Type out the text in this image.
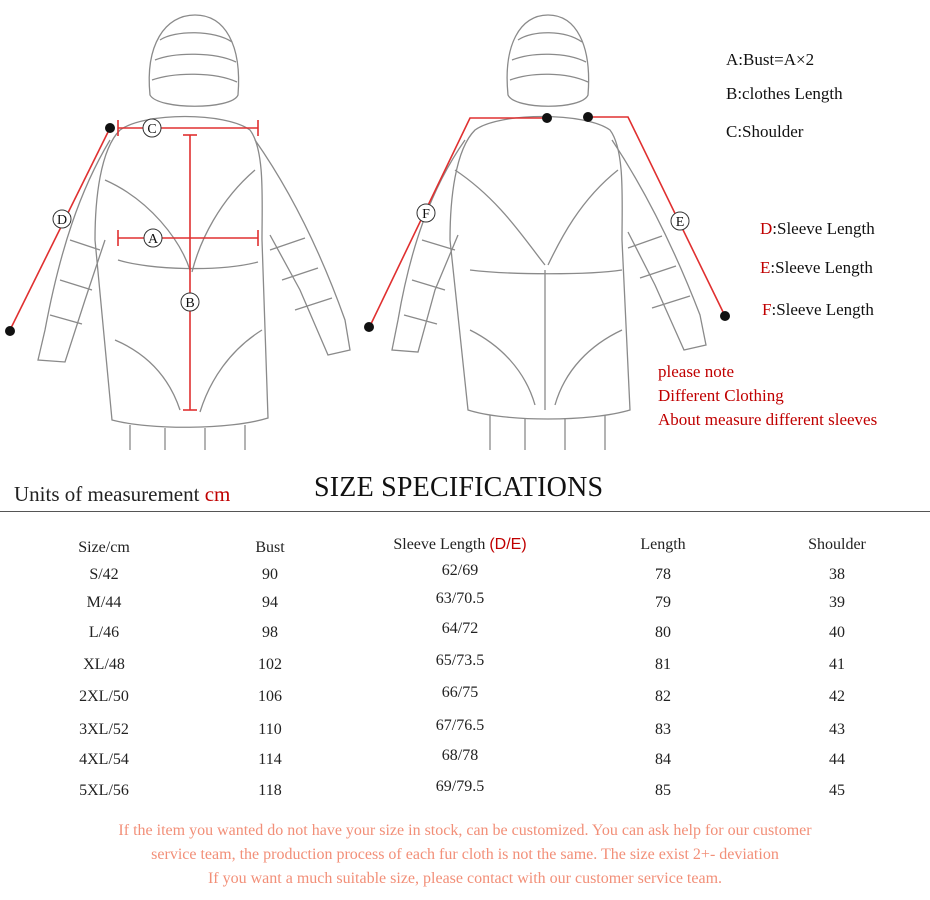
C
A
B
D	F
E
A:Bust=A×2
B:clothes Length
C:Shoulder
D:Sleeve Length
E:Sleeve Length
F:Sleeve Length
please note
Different Clothing
About measure different sleeves
Units of measurement cm	SIZE SPECIFICATIONS
Size/cm	Bust	Sleeve Length (D/E)	Length	Shoulder
S/42	90	62/69	78	38
M/44	94	63/70.5	79	39
L/46	98	64/72	80	40
XL/48	102	65/73.5	81	41
2XL/50	106	66/75	82	42
3XL/52	110	67/76.5	83	43
4XL/54	114	68/78	84	44
5XL/56	118	69/79.5	85	45
If the item you wanted do not have your size in stock, can be customized. You can ask help for our customer
service team, the production process of each fur cloth is not the same. The size exist 2+- deviation
If you want a much suitable size, please contact with our customer service team.
